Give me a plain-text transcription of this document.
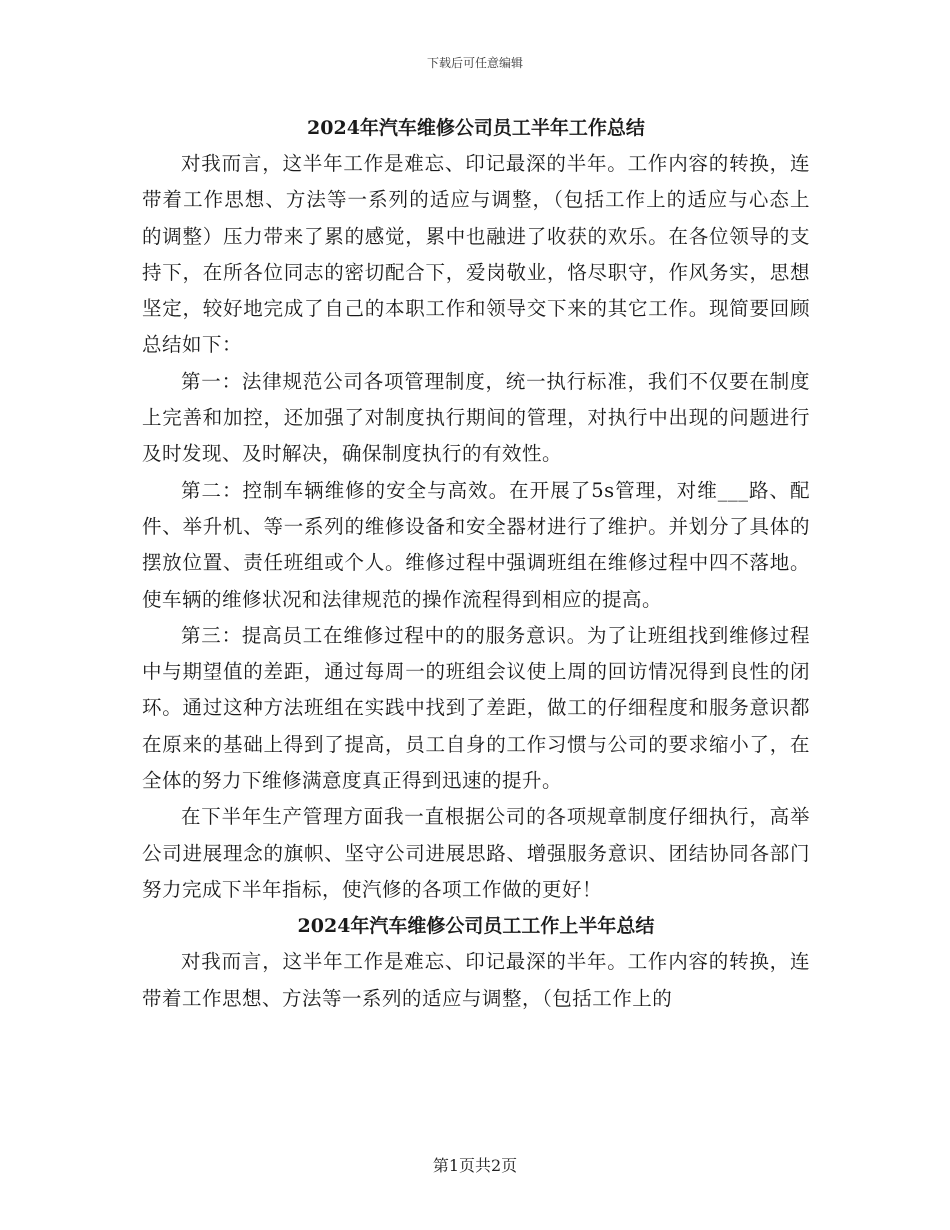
下载后可任意编辑
2024年汽车维修公司员工半年工作总结

对我而言，这半年工作是难忘、印记最深的半年。工作内容的转换，连带着工作思想、方法等一系列的适应与调整，（包括工作上的适应与心态上的调整）压力带来了累的感觉，累中也融进了收获的欢乐。在各位领导的支持下，在所各位同志的密切配合下，爱岗敬业，恪尽职守，作风务实，思想坚定，较好地完成了自己的本职工作和领导交下来的其它工作。现简要回顾总结如下：

第一：法律规范公司各项管理制度，统一执行标准，我们不仅要在制度上完善和加控，还加强了对制度执行期间的管理，对执行中出现的问题进行及时发现、及时解决，确保制度执行的有效性。

第二：控制车辆维修的安全与高效。在开展了5s管理，对维___路、配件、举升机、等一系列的维修设备和安全器材进行了维护。并划分了具体的摆放位置、责任班组或个人。维修过程中强调班组在维修过程中四不落地。使车辆的维修状况和法律规范的操作流程得到相应的提高。

第三：提高员工在维修过程中的的服务意识。为了让班组找到维修过程中与期望值的差距，通过每周一的班组会议使上周的回访情况得到良性的闭环。通过这种方法班组在实践中找到了差距，做工的仔细程度和服务意识都在原来的基础上得到了提高，员工自身的工作习惯与公司的要求缩小了，在全体的努力下维修满意度真正得到迅速的提升。

在下半年生产管理方面我一直根据公司的各项规章制度仔细执行，高举公司进展理念的旗帜、坚守公司进展思路、增强服务意识、团结协同各部门努力完成下半年指标，使汽修的各项工作做的更好！

2024年汽车维修公司员工工作上半年总结

对我而言，这半年工作是难忘、印记最深的半年。工作内容的转换，连带着工作思想、方法等一系列的适应与调整，（包括工作上的

第1页共2页
